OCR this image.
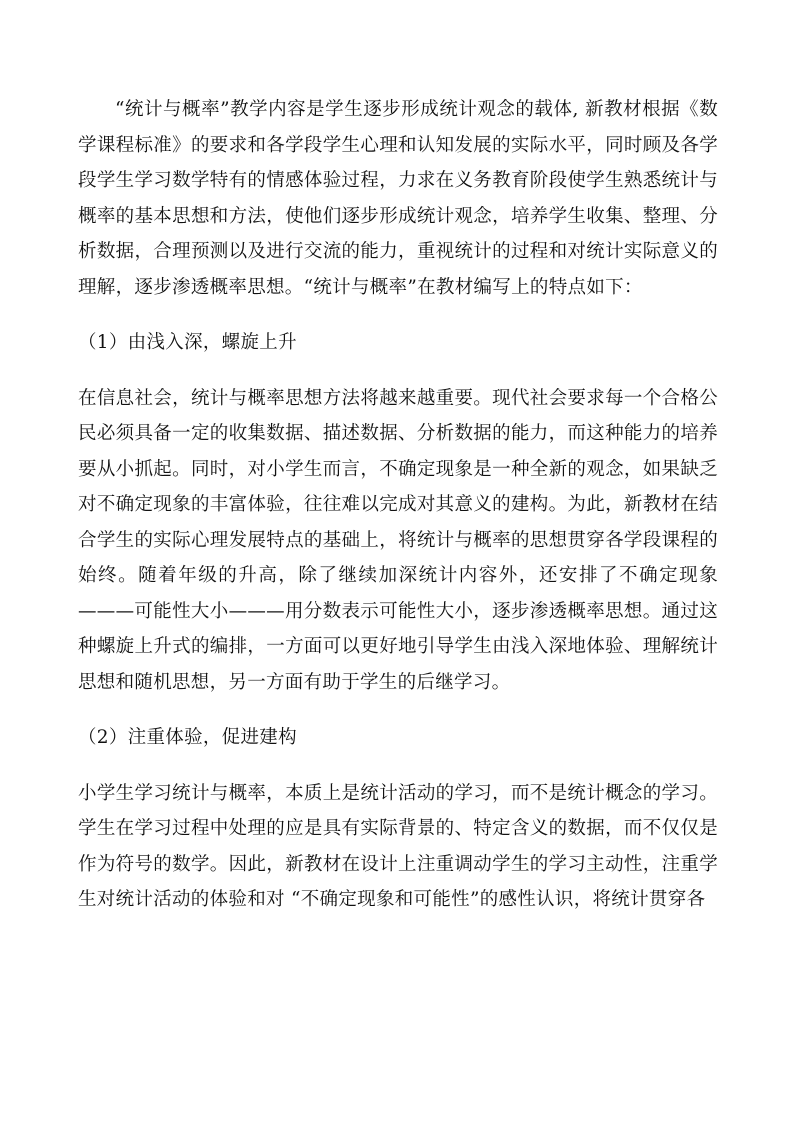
“统计与概率”教学内容是学生逐步形成统计观念的载体, 新教材根据《数学课程标准》的要求和各学段学生心理和认知发展的实际水平，同时顾及各学段学生学习数学特有的情感体验过程，力求在义务教育阶段使学生熟悉统计与概率的基本思想和方法，使他们逐步形成统计观念，培养学生收集、整理、分析数据，合理预测以及进行交流的能力，重视统计的过程和对统计实际意义的理解，逐步渗透概率思想。“统计与概率”在教材编写上的特点如下：

（1）由浅入深，螺旋上升

在信息社会，统计与概率思想方法将越来越重要。现代社会要求每一个合格公民必须具备一定的收集数据、描述数据、分析数据的能力，而这种能力的培养要从小抓起。同时，对小学生而言，不确定现象是一种全新的观念，如果缺乏对不确定现象的丰富体验，往往难以完成对其意义的建构。为此，新教材在结合学生的实际心理发展特点的基础上，将统计与概率的思想贯穿各学段课程的始终。随着年级的升高，除了继续加深统计内容外，还安排了不确定现象———可能性大小———用分数表示可能性大小，逐步渗透概率思想。通过这种螺旋上升式的编排，一方面可以更好地引导学生由浅入深地体验、理解统计思想和随机思想，另一方面有助于学生的后继学习。

（2）注重体验，促进建构

小学生学习统计与概率，本质上是统计活动的学习，而不是统计概念的学习。学生在学习过程中处理的应是具有实际背景的、特定含义的数据，而不仅仅是作为符号的数学。因此，新教材在设计上注重调动学生的学习主动性，注重学生对统计活动的体验和对 “不确定现象和可能性”的感性认识，将统计贯穿各
